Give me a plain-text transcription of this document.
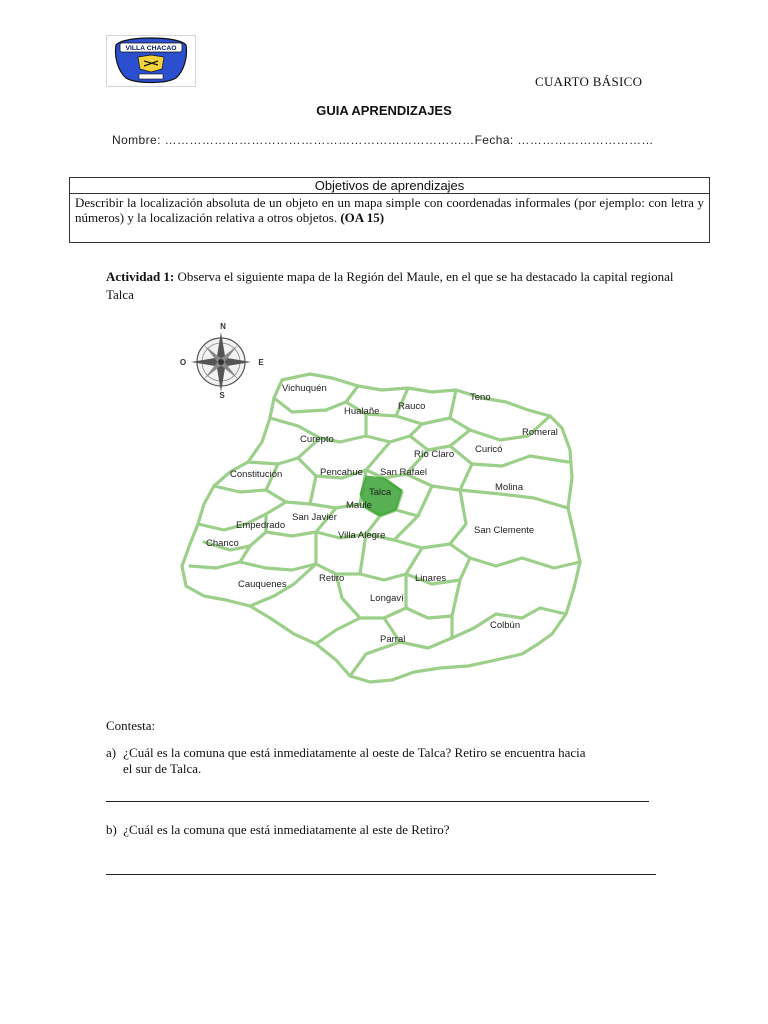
VILLA CHACAO
CUARTO BÁSICO
GUIA APRENDIZAJES
Nombre: …………………………………………………………………Fecha: ……………………………
Objetivos de aprendizajes
Describir la localización absoluta de un objeto en un mapa simple con coordenadas informales (por ejemplo: con letra y números) y la localización relativa a otros objetos. (OA 15)
Actividad 1: Observa el siguiente mapa de la Región del Maule, en el que se ha destacado la capital regional Talca
N
S
E
O
Vichuquén
Hualañe Rauco
Teno
Romeral
Curepto
Río Claro Curicó
Constitución	Pencahue San Rafael
Talca	Molina
Maule
Empedrado
San Javier
San Clemente
Chanco
Villa Alegre
Cauquenes
Retiro	Linares
Longaví
Colbún
Parral
Contesta:
a) ¿Cuál es la comuna que está inmediatamente al oeste de Talca? Retiro se encuentra hacia
el sur de Talca.
b) ¿Cuál es la comuna que está inmediatamente al este de Retiro?
